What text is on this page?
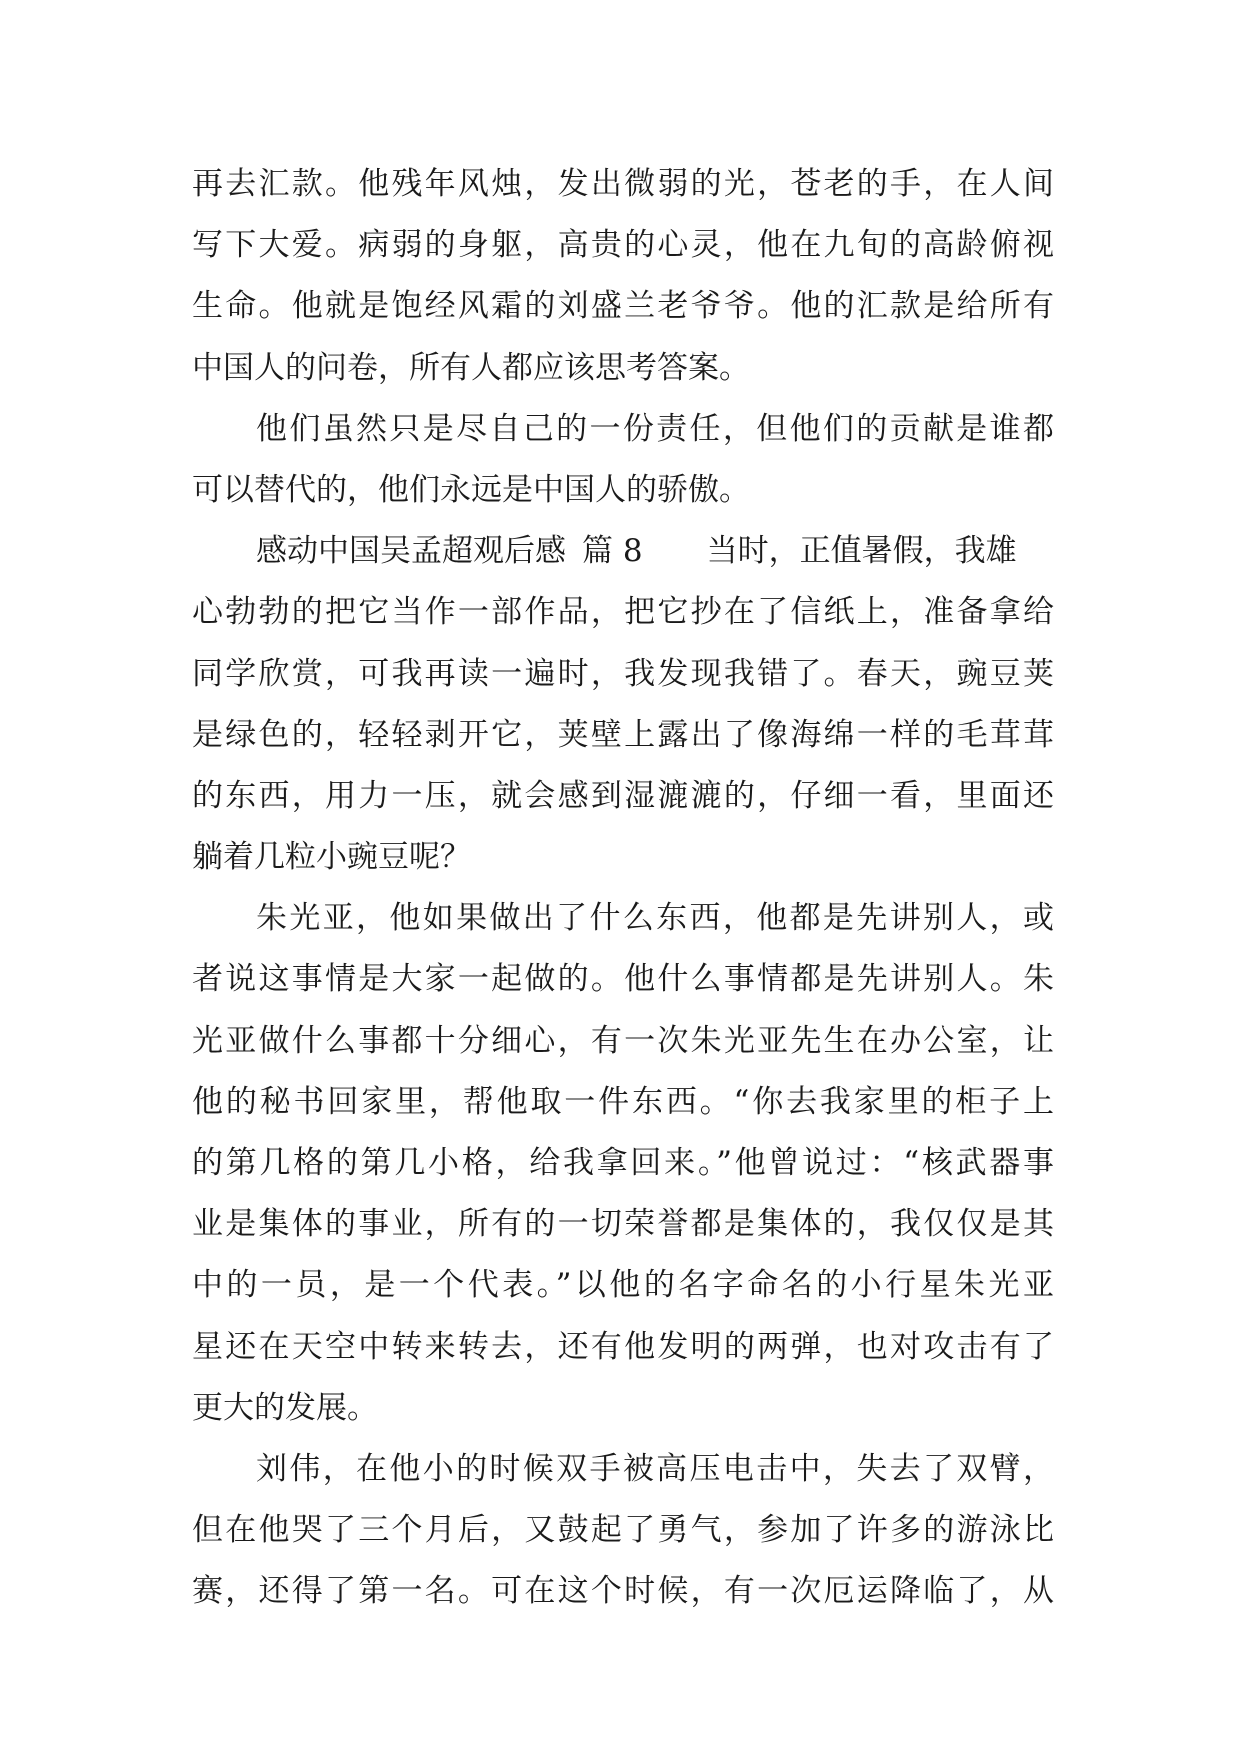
再去汇款。他残年风烛，发出微弱的光，苍老的手，在人间
写下大爱。病弱的身躯，高贵的心灵，他在九旬的高龄俯视
生命。他就是饱经风霜的刘盛兰老爷爷。他的汇款是给所有
中国人的问卷，所有人都应该思考答案。
他们虽然只是尽自己的一份责任，但他们的贡献是谁都
可以替代的，他们永远是中国人的骄傲。
感动中国吴孟超观后感 篇 8 当时，正值暑假，我雄
心勃勃的把它当作一部作品，把它抄在了信纸上，准备拿给
同学欣赏，可我再读一遍时，我发现我错了。春天，豌豆荚
是绿色的，轻轻剥开它，荚壁上露出了像海绵一样的毛茸茸
的东西，用力一压，就会感到湿漉漉的，仔细一看，里面还
躺着几粒小豌豆呢？
朱光亚，他如果做出了什么东西，他都是先讲别人，或
者说这事情是大家一起做的。他什么事情都是先讲别人。朱
光亚做什么事都十分细心，有一次朱光亚先生在办公室，让
他的秘书回家里，帮他取一件东西。“你去我家里的柜子上
的第几格的第几小格，给我拿回来。”他曾说过：“核武器事
业是集体的事业，所有的一切荣誉都是集体的，我仅仅是其
中的一员，是一个代表。”以他的名字命名的小行星朱光亚
星还在天空中转来转去，还有他发明的两弹，也对攻击有了
更大的发展。
刘伟，在他小的时候双手被高压电击中，失去了双臂，
但在他哭了三个月后，又鼓起了勇气，参加了许多的游泳比
赛，还得了第一名。可在这个时候，有一次厄运降临了，从
